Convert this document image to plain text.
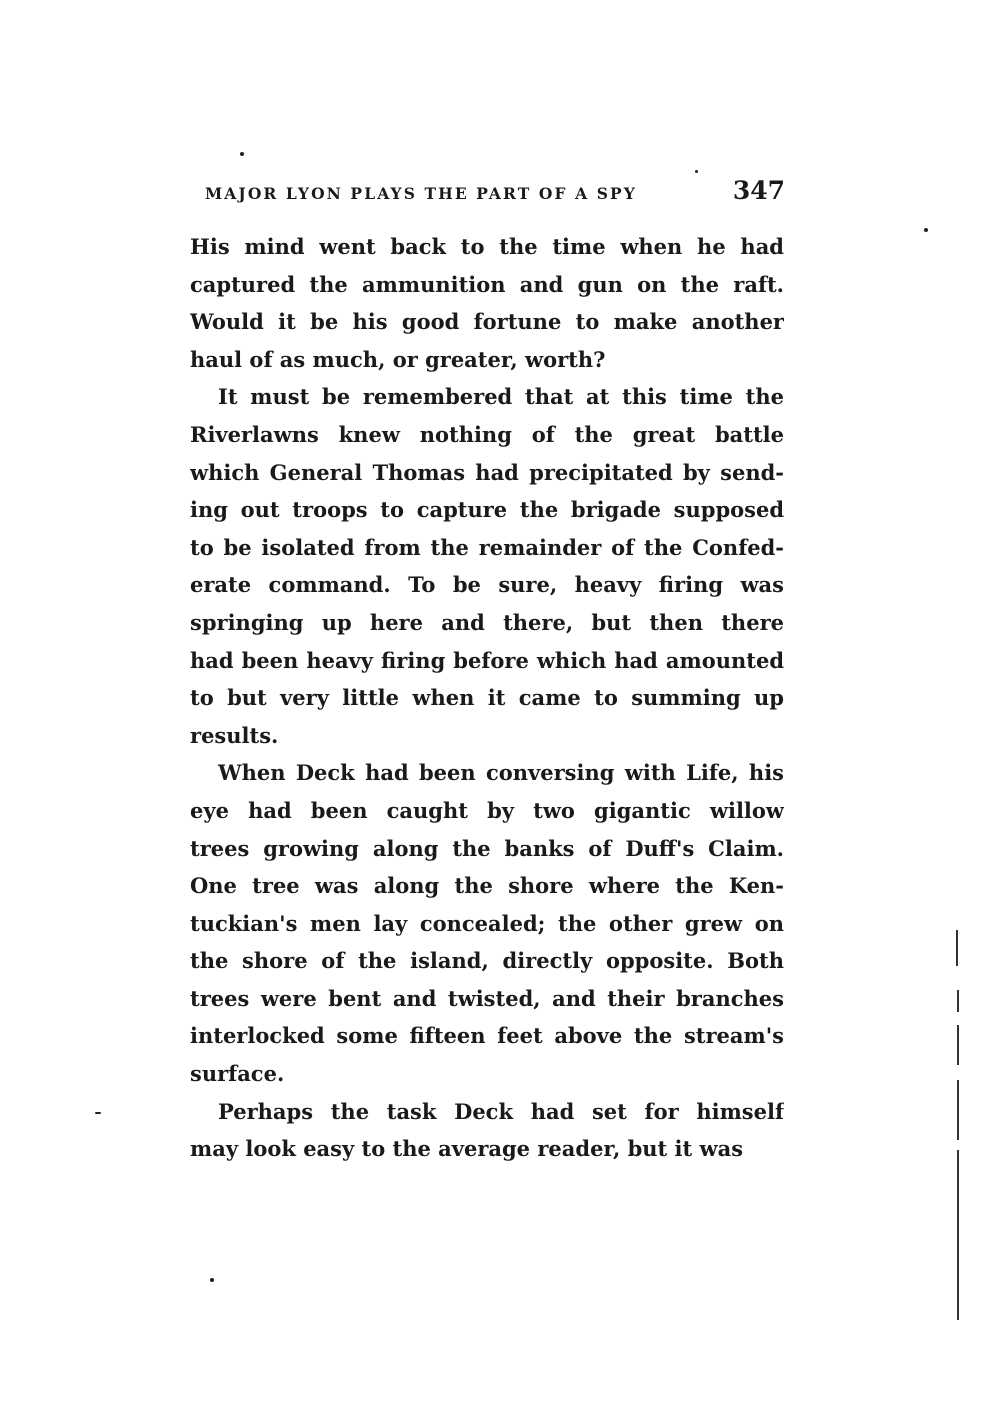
MAJOR LYON PLAYS THE PART OF A SPY	347
His mind went back to the time when he had
captured the ammunition and gun on the raft.
Would it be his good fortune to make another
haul of as much, or greater, worth?
It must be remembered that at this time the
Riverlawns knew nothing of the great battle
which General Thomas had precipitated by send-
ing out troops to capture the brigade supposed
to be isolated from the remainder of the Confed-
erate command. To be sure, heavy firing was
springing up here and there, but then there
had been heavy firing before which had amounted
to but very little when it came to summing up
results.
When Deck had been conversing with Life, his
eye had been caught by two gigantic willow
trees growing along the banks of Duff's Claim.
One tree was along the shore where the Ken-
tuckian's men lay concealed; the other grew on
the shore of the island, directly opposite. Both
trees were bent and twisted, and their branches
interlocked some fifteen feet above the stream's
surface.
Perhaps the task Deck had set for himself
may look easy to the average reader, but it was
